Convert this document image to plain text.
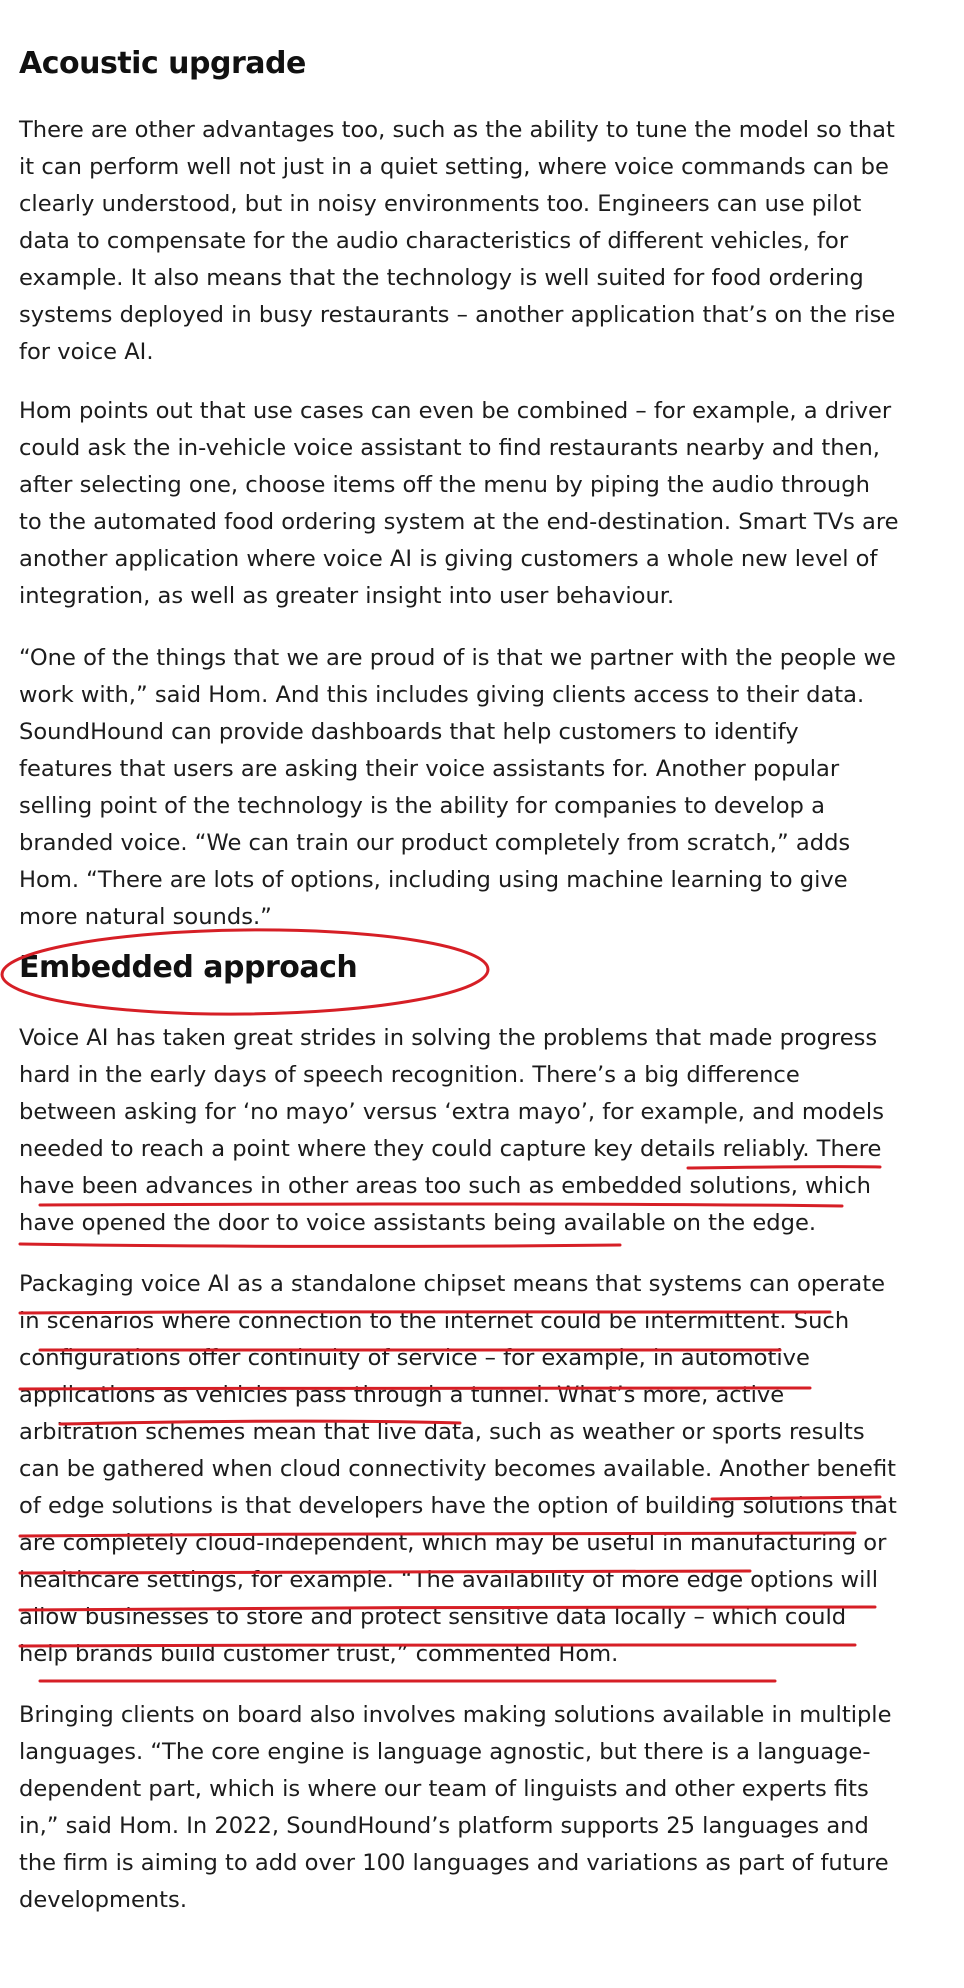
Acoustic upgrade

There are other advantages too, such as the ability to tune the model so that it can perform well not just in a quiet setting, where voice commands can be clearly understood, but in noisy environments too. Engineers can use pilot data to compensate for the audio characteristics of different vehicles, for example. It also means that the technology is well suited for food ordering systems deployed in busy restaurants – another application that’s on the rise for voice AI.

Hom points out that use cases can even be combined – for example, a driver could ask the in-vehicle voice assistant to find restaurants nearby and then, after selecting one, choose items off the menu by piping the audio through to the automated food ordering system at the end-destination. Smart TVs are another application where voice AI is giving customers a whole new level of integration, as well as greater insight into user behaviour.

“One of the things that we are proud of is that we partner with the people we work with,” said Hom. And this includes giving clients access to their data. SoundHound can provide dashboards that help customers to identify features that users are asking their voice assistants for. Another popular selling point of the technology is the ability for companies to develop a branded voice. “We can train our product completely from scratch,” adds Hom. “There are lots of options, including using machine learning to give more natural sounds.”

Embedded approach

Voice AI has taken great strides in solving the problems that made progress hard in the early days of speech recognition. There’s a big difference between asking for ‘no mayo’ versus ‘extra mayo’, for example, and models needed to reach a point where they could capture key details reliably. There have been advances in other areas too such as embedded solutions, which have opened the door to voice assistants being available on the edge.

Packaging voice AI as a standalone chipset means that systems can operate in scenarios where connection to the internet could be intermittent. Such configurations offer continuity of service – for example, in automotive applications as vehicles pass through a tunnel. What’s more, active arbitration schemes mean that live data, such as weather or sports results can be gathered when cloud connectivity becomes available. Another benefit of edge solutions is that developers have the option of building solutions that are completely cloud-independent, which may be useful in manufacturing or healthcare settings, for example. “The availability of more edge options will allow businesses to store and protect sensitive data locally – which could help brands build customer trust,” commented Hom.

Bringing clients on board also involves making solutions available in multiple languages. “The core engine is language agnostic, but there is a language-dependent part, which is where our team of linguists and other experts fits in,” said Hom. In 2022, SoundHound’s platform supports 25 languages and the firm is aiming to add over 100 languages and variations as part of future developments.
